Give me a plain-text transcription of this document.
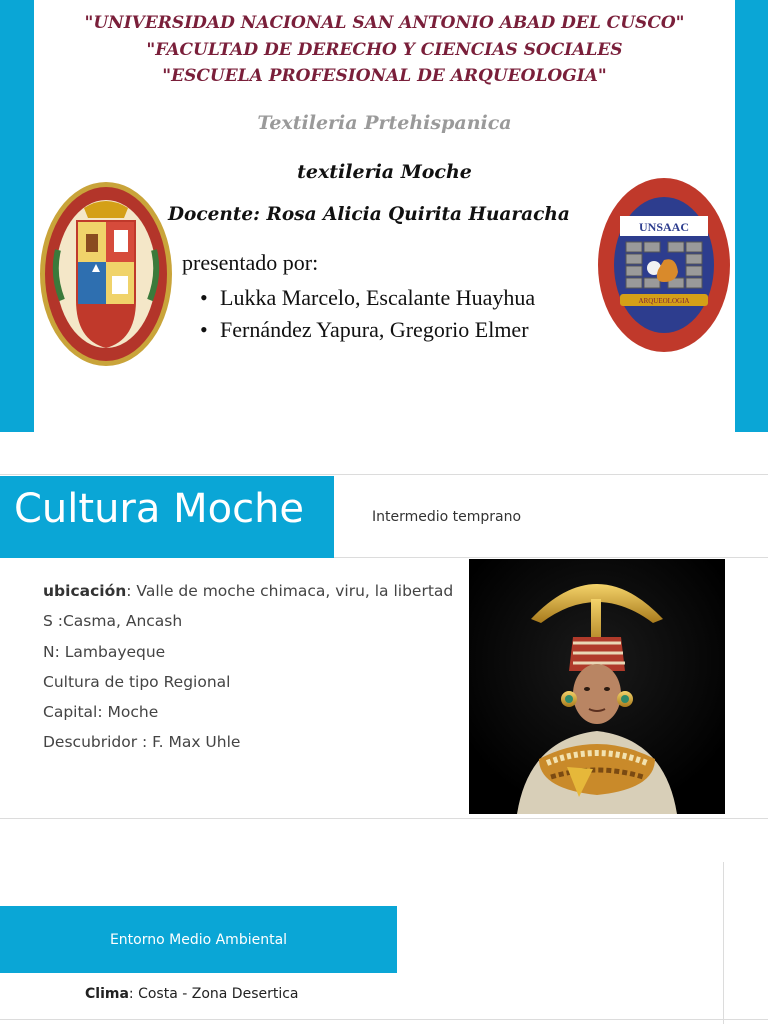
"UNIVERSIDAD NACIONAL SAN ANTONIO ABAD DEL CUSCO"
"FACULTAD DE DERECHO Y CIENCIAS SOCIALES
"ESCUELA PROFESIONAL DE ARQUEOLOGIA"
Textileria Prtehispanica
textileria Moche
Docente: Rosa Alicia Quirita Huaracha
presentado por:
• Lukka Marcelo, Escalante Huayhua
• Fernández Yapura, Gregorio Elmer
UNSAAC
ARQUEOLOGIA
Cultura Moche	Intermedio temprano
ubicación: Valle de moche chimaca, viru, la libertad
S :Casma, Ancash
N: Lambayeque
Cultura de tipo Regional
Capital: Moche
Descubridor : F. Max Uhle
Entorno Medio Ambiental
Clima: Costa - Zona Desertica
